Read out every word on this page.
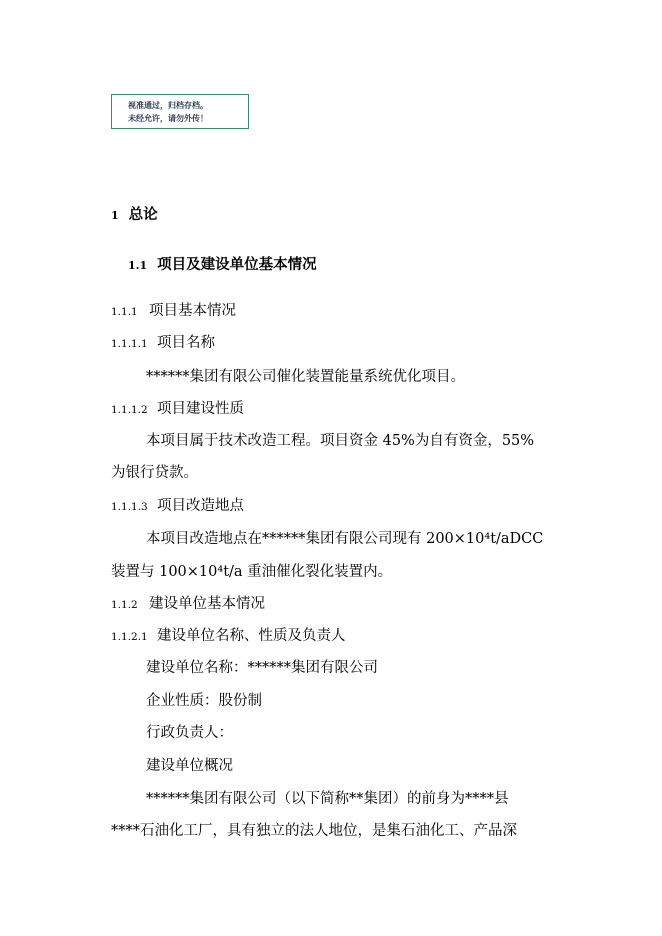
视准通过，归档存档。
未经允许，请勿外传！
1 总论
1.1 项目及建设单位基本情况
1.1.1 项目基本情况
1.1.1.1 项目名称
******集团有限公司催化装置能量系统优化项目。
1.1.1.2 项目建设性质
本项目属于技术改造工程。项目资金 45%为自有资金，55%
为银行贷款。
1.1.1.3 项目改造地点
本项目改造地点在******集团有限公司现有 200×10⁴t/aDCC
装置与 100×10⁴t/a 重油催化裂化装置内。
1.1.2 建设单位基本情况
1.1.2.1 建设单位名称、性质及负责人
建设单位名称：******集团有限公司
企业性质：股份制
行政负责人：
建设单位概况
******集团有限公司（以下简称**集团）的前身为****县
****石油化工厂，具有独立的法人地位，是集石油化工、产品深
